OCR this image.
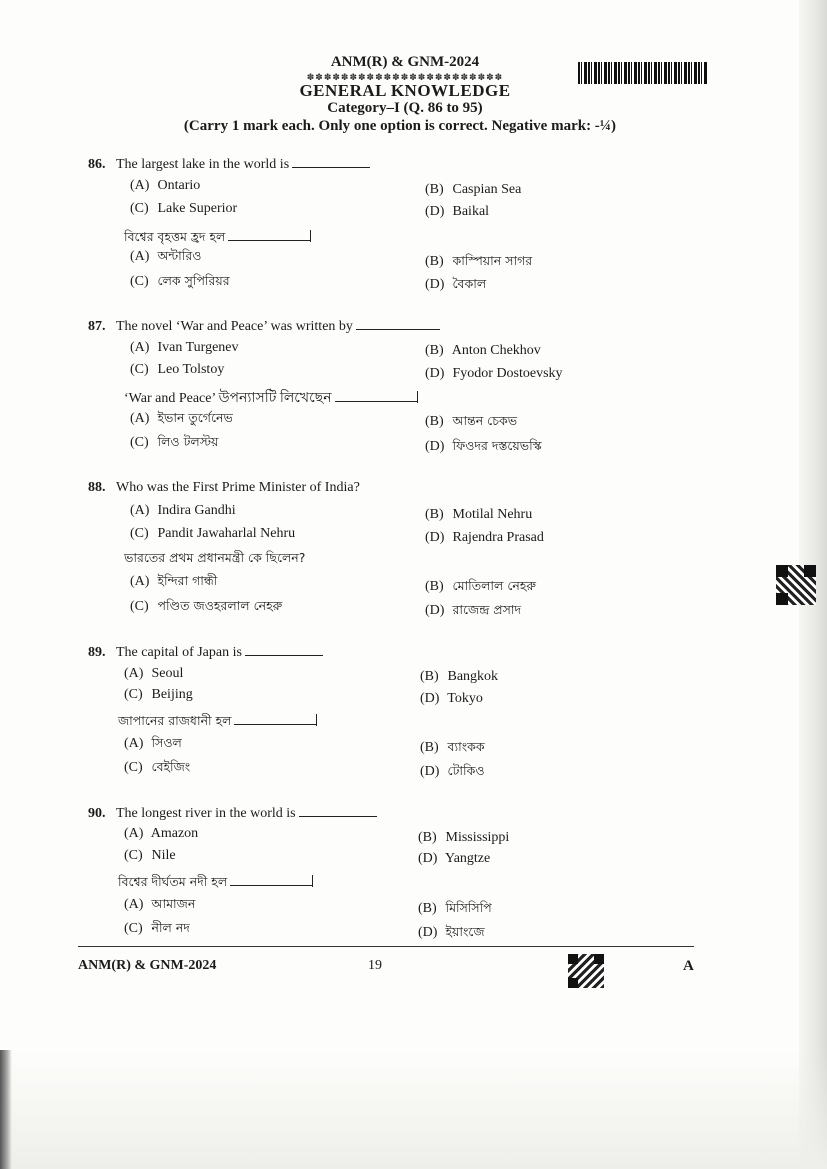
ANM(R) & GNM-2024
✽✽✽✽✽✽✽✽✽✽✽✽✽✽✽✽✽✽✽✽✽✽✽
GENERAL KNOWLEDGE
Category–I (Q. 86 to 95)
(Carry 1 mark each. Only one option is correct. Negative mark: -¼)
86. The largest lake in the world is
(A) Ontario	(B) Caspian Sea
(C) Lake Superior	(D) Baikal
বিশ্বের বৃহত্তম হ্রদ হল
(A) অন্টারিও	(B) কাস্পিয়ান সাগর
(C) লেক সুপিরিয়র	(D) বৈকাল
87. The novel ‘War and Peace’ was written by
(A) Ivan Turgenev	(B) Anton Chekhov
(C) Leo Tolstoy	(D) Fyodor Dostoevsky
‘War and Peace’ উপন্যাসটি লিখেছেন
(A) ইভান তুর্গেনেভ	(B) আন্তন চেকভ
(C) লিও টলস্টয়	(D) ফিওদর দস্তয়েভস্কি
88. Who was the First Prime Minister of India?
(A) Indira Gandhi	(B) Motilal Nehru
(C) Pandit Jawaharlal Nehru	(D) Rajendra Prasad
ভারতের প্রথম প্রধানমন্ত্রী কে ছিলেন?
(A) ইন্দিরা গান্ধী	(B) মোতিলাল নেহরু
(C) পণ্ডিত জওহরলাল নেহরু	(D) রাজেন্দ্র প্রসাদ
89. The capital of Japan is
(A) Seoul	(B) Bangkok
(C) Beijing	(D) Tokyo
জাপানের রাজধানী হল
(A) সিওল	(B) ব্যাংকক
(C) বেইজিং	(D) টোকিও
90. The longest river in the world is
(A) Amazon	(B) Mississippi
(C) Nile	(D) Yangtze
বিশ্বের দীর্ঘতম নদী হল
(A) আমাজন	(B) মিসিসিপি
(C) নীল নদ	(D) ইয়াংজে
ANM(R) & GNM-2024	19	A
